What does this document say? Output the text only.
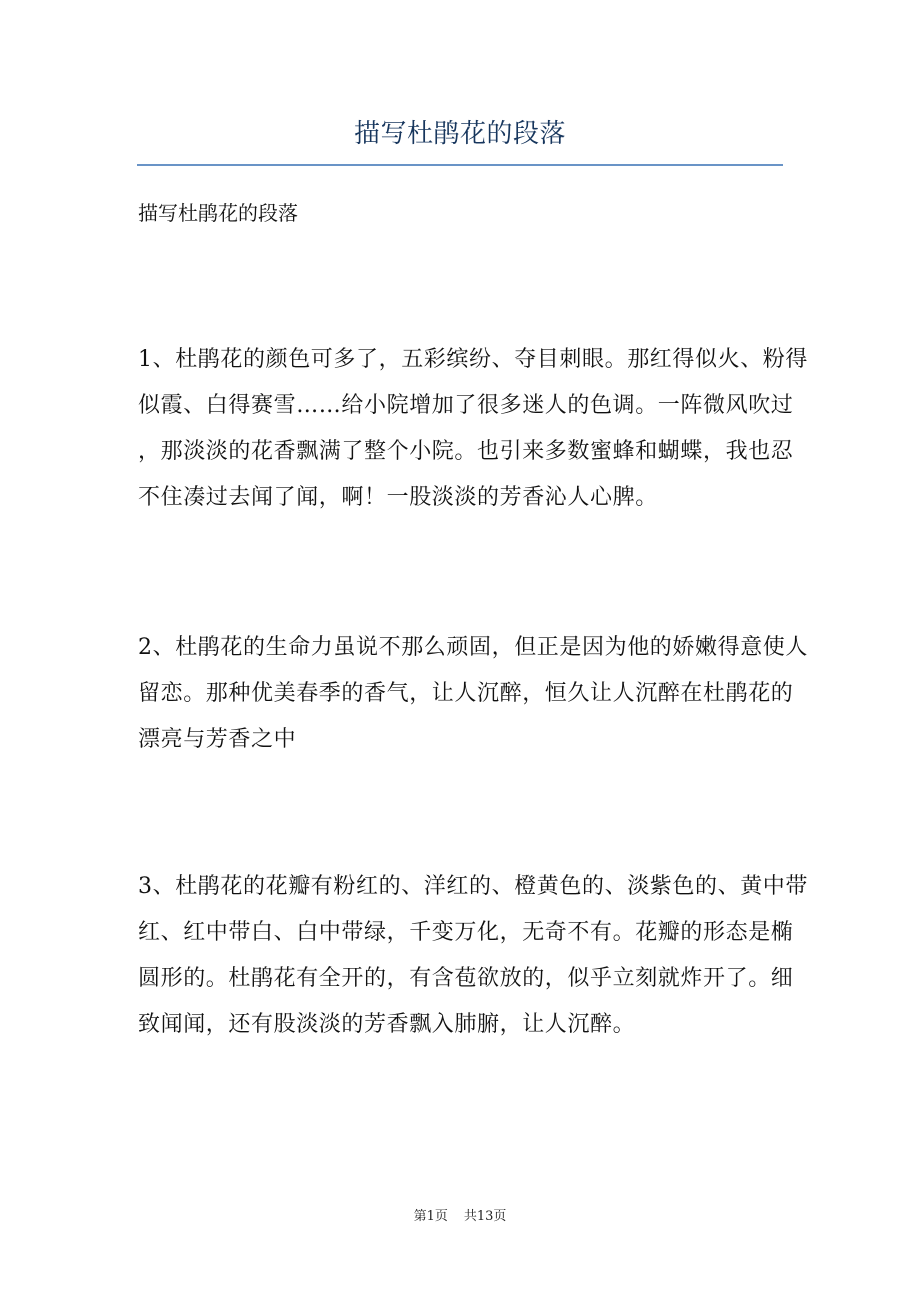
描写杜鹃花的段落
描写杜鹃花的段落
1、杜鹃花的颜色可多了，五彩缤纷、夺目刺眼。那红得似火、粉得
似霞、白得赛雪……给小院增加了很多迷人的色调。一阵微风吹过
，那淡淡的花香飘满了整个小院。也引来多数蜜蜂和蝴蝶，我也忍
不住凑过去闻了闻，啊！一股淡淡的芳香沁人心脾。
2、杜鹃花的生命力虽说不那么顽固，但正是因为他的娇嫩得意使人
留恋。那种优美春季的香气，让人沉醉，恒久让人沉醉在杜鹃花的
漂亮与芳香之中
3、杜鹃花的花瓣有粉红的、洋红的、橙黄色的、淡紫色的、黄中带
红、红中带白、白中带绿，千变万化，无奇不有。花瓣的形态是椭
圆形的。杜鹃花有全开的，有含苞欲放的，似乎立刻就炸开了。细
致闻闻，还有股淡淡的芳香飘入肺腑，让人沉醉。
第1页 共13页
